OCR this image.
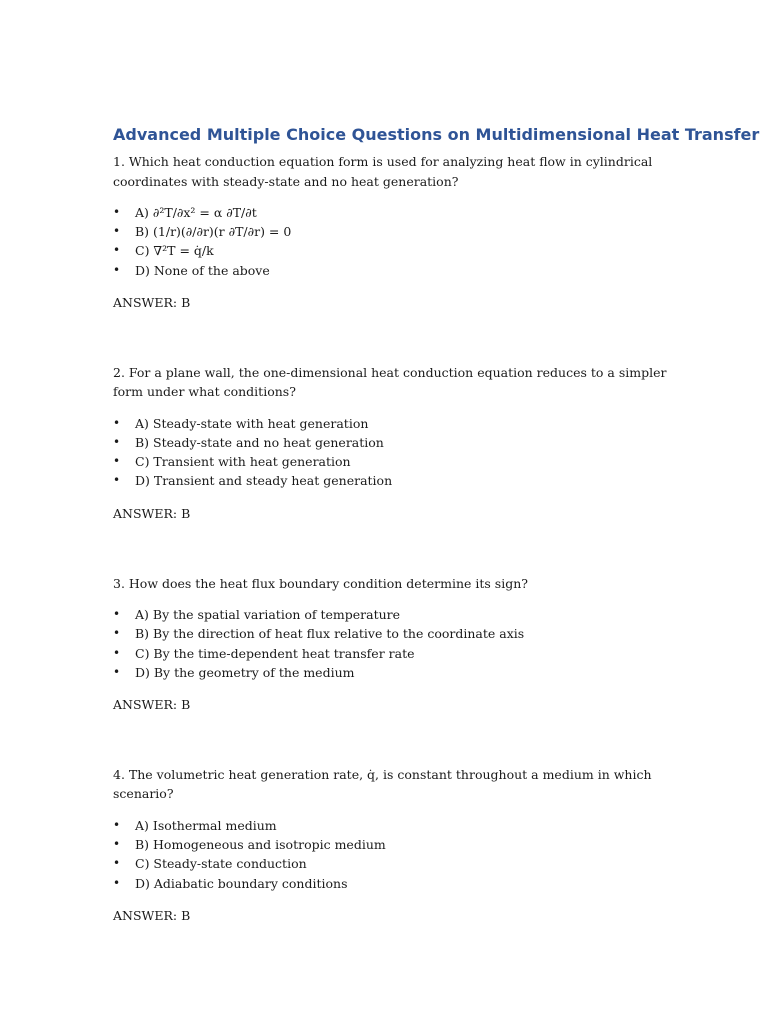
Advanced Multiple Choice Questions on Multidimensional Heat Transfer

1. Which heat conduction equation form is used for analyzing heat flow in cylindrical coordinates with steady-state and no heat generation?

• A) ∂²T/∂x² = α ∂T/∂t
• B) (1/r)(∂/∂r)(r ∂T/∂r) = 0
• C) ∇²T = q̇/k
• D) None of the above

ANSWER: B

2. For a plane wall, the one-dimensional heat conduction equation reduces to a simpler form under what conditions?

• A) Steady-state with heat generation
• B) Steady-state and no heat generation
• C) Transient with heat generation
• D) Transient and steady heat generation

ANSWER: B

3. How does the heat flux boundary condition determine its sign?

• A) By the spatial variation of temperature
• B) By the direction of heat flux relative to the coordinate axis
• C) By the time-dependent heat transfer rate
• D) By the geometry of the medium

ANSWER: B

4. The volumetric heat generation rate, q̇, is constant throughout a medium in which scenario?

• A) Isothermal medium
• B) Homogeneous and isotropic medium
• C) Steady-state conduction
• D) Adiabatic boundary conditions

ANSWER: B
